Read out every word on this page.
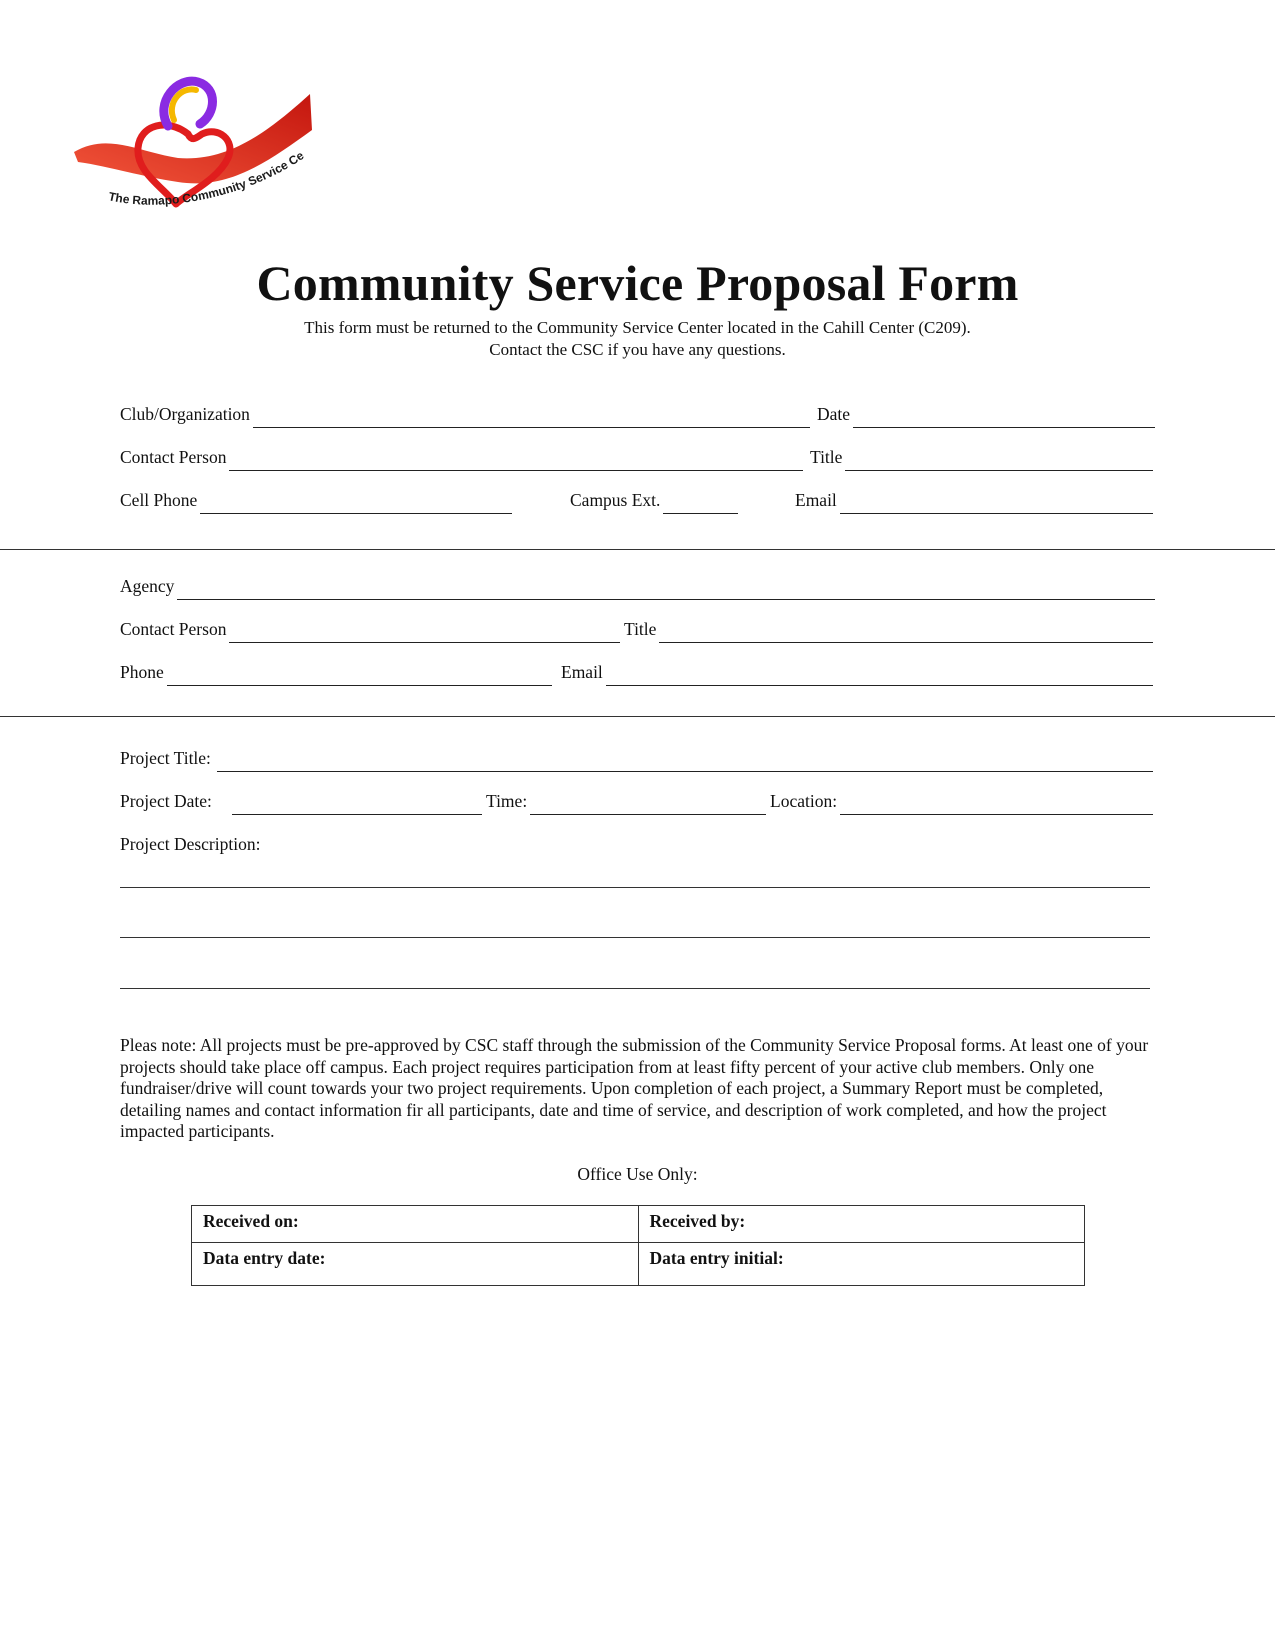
The Ramapo Community Service Ce
Community Service Proposal Form
This form must be returned to the Community Service Center located in the Cahill Center (C209).
Contact the CSC if you have any questions.
Club/Organization	Date
Contact Person	Title
Cell Phone	Campus Ext.	Email
Agency
Contact Person	Title
Phone	Email
Project Title:
Project Date:	Time:	Location:
Project Description:
Pleas note: All projects must be pre-approved by CSC staff through the submission of the Community Service Proposal forms. At least one of your projects should take place off campus. Each project requires participation from at least fifty percent of your active club members. Only one fundraiser/drive will count towards your two project requirements. Upon completion of each project, a Summary Report must be completed, detailing names and contact information fir all participants, date and time of service, and description of work completed, and how the project impacted participants.
Office Use Only:
Received on:	Received by:
Data entry date:	Data entry initial:
